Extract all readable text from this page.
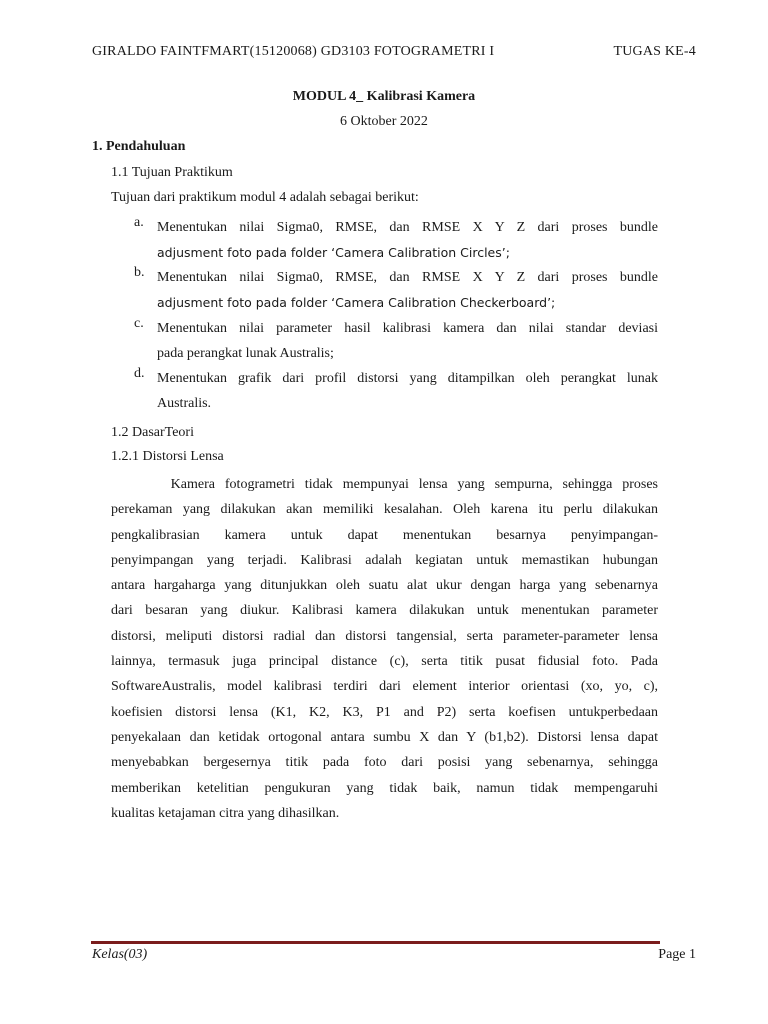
GIRALDO FAINTFMART(15120068) GD3103 FOTOGRAMETRI I	TUGAS KE-4
MODUL 4_ Kalibrasi Kamera
6 Oktober 2022
1. Pendahuluan
1.1 Tujuan Praktikum
Tujuan dari praktikum modul 4 adalah sebagai berikut:
a. Menentukan nilai Sigma0, RMSE, dan RMSE X Y Z dari proses bundle
adjusment foto pada folder ‘Camera Calibration Circles’;
b. Menentukan nilai Sigma0, RMSE, dan RMSE X Y Z dari proses bundle
adjusment foto pada folder ‘Camera Calibration Checkerboard’;
c. Menentukan nilai parameter hasil kalibrasi kamera dan nilai standar deviasi
pada perangkat lunak Australis;
d. Menentukan grafik dari profil distorsi yang ditampilkan oleh perangkat lunak
Australis.
1.2 DasarTeori
1.2.1 Distorsi Lensa
Kamera fotogrametri tidak mempunyai lensa yang sempurna, sehingga proses
perekaman yang dilakukan akan memiliki kesalahan. Oleh karena itu perlu dilakukan
pengkalibrasian kamera untuk dapat menentukan besarnya penyimpangan-
penyimpangan yang terjadi. Kalibrasi adalah kegiatan untuk memastikan hubungan
antara hargaharga yang ditunjukkan oleh suatu alat ukur dengan harga yang sebenarnya
dari besaran yang diukur. Kalibrasi kamera dilakukan untuk menentukan parameter
distorsi, meliputi distorsi radial dan distorsi tangensial, serta parameter-parameter lensa
lainnya, termasuk juga principal distance (c), serta titik pusat fidusial foto. Pada
SoftwareAustralis, model kalibrasi terdiri dari element interior orientasi (xo, yo, c),
koefisien distorsi lensa (K1, K2, K3, P1 and P2) serta koefisen untukperbedaan
penyekalaan dan ketidak ortogonal antara sumbu X dan Y (b1,b2). Distorsi lensa dapat
menyebabkan bergesernya titik pada foto dari posisi yang sebenarnya, sehingga
memberikan ketelitian pengukuran yang tidak baik, namun tidak mempengaruhi
kualitas ketajaman citra yang dihasilkan.
Kelas(03)	Page 1
